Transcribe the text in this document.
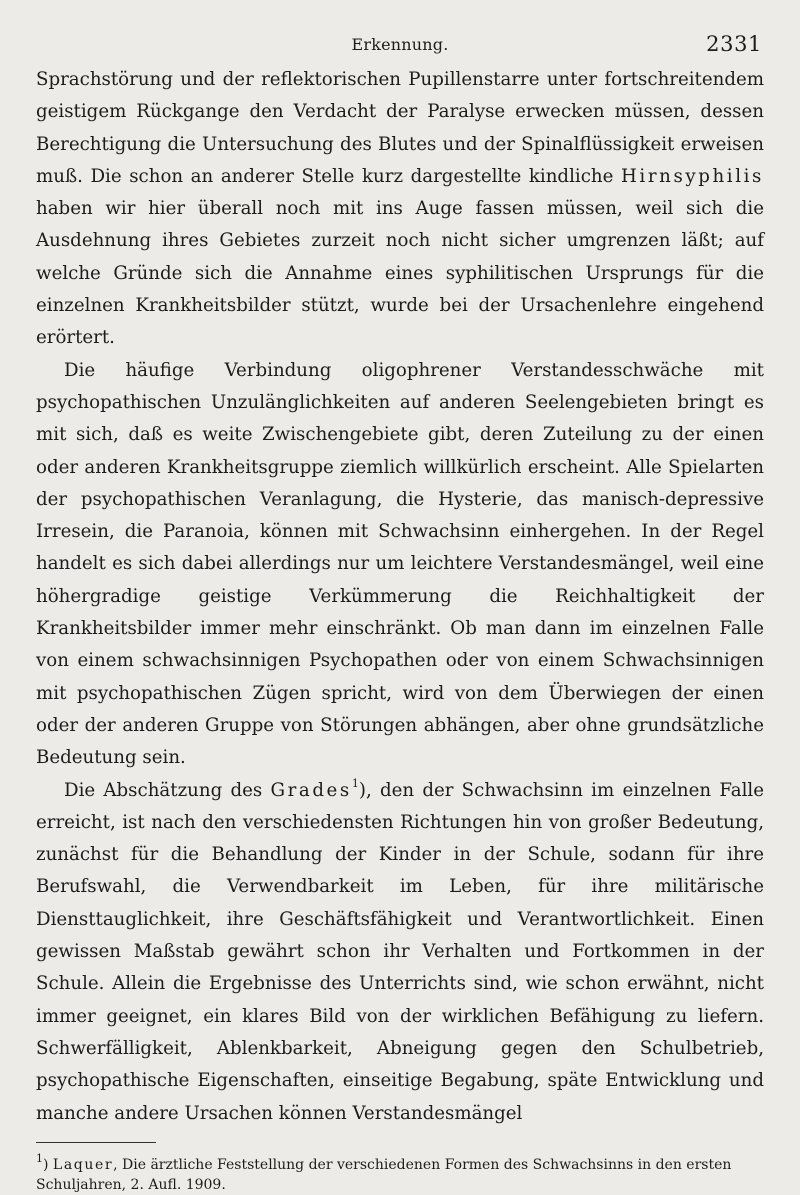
Erkennung.	2331

Sprachstörung und der reflektorischen Pupillenstarre unter fortschreitendem geistigem Rückgange den Verdacht der Paralyse erwecken müssen, dessen Berechtigung die Untersuchung des Blutes und der Spinalflüssigkeit erweisen muß. Die schon an anderer Stelle kurz dargestellte kindliche Hirnsyphilis haben wir hier überall noch mit ins Auge fassen müssen, weil sich die Ausdehnung ihres Gebietes zurzeit noch nicht sicher umgrenzen läßt; auf welche Gründe sich die Annahme eines syphilitischen Ursprungs für die einzelnen Krankheitsbilder stützt, wurde bei der Ursachenlehre eingehend erörtert.

Die häufige Verbindung oligophrener Verstandesschwäche mit psychopathischen Unzulänglichkeiten auf anderen Seelengebieten bringt es mit sich, daß es weite Zwischengebiete gibt, deren Zuteilung zu der einen oder anderen Krankheitsgruppe ziemlich willkürlich erscheint. Alle Spielarten der psychopathischen Veranlagung, die Hysterie, das manisch-depressive Irresein, die Paranoia, können mit Schwachsinn einhergehen. In der Regel handelt es sich dabei allerdings nur um leichtere Verstandesmängel, weil eine höhergradige geistige Verkümmerung die Reichhaltigkeit der Krankheitsbilder immer mehr einschränkt. Ob man dann im einzelnen Falle von einem schwachsinnigen Psychopathen oder von einem Schwachsinnigen mit psychopathischen Zügen spricht, wird von dem Überwiegen der einen oder der anderen Gruppe von Störungen abhängen, aber ohne grundsätzliche Bedeutung sein.

Die Abschätzung des Grades$^1$), den der Schwachsinn im einzelnen Falle erreicht, ist nach den verschiedensten Richtungen hin von großer Bedeutung, zunächst für die Behandlung der Kinder in der Schule, sodann für ihre Berufswahl, die Verwendbarkeit im Leben, für ihre militärische Diensttauglichkeit, ihre Geschäftsfähigkeit und Verantwortlichkeit. Einen gewissen Maßstab gewährt schon ihr Verhalten und Fortkommen in der Schule. Allein die Ergebnisse des Unterrichts sind, wie schon erwähnt, nicht immer geeignet, ein klares Bild von der wirklichen Befähigung zu liefern. Schwerfälligkeit, Ablenkbarkeit, Abneigung gegen den Schulbetrieb, psychopathische Eigenschaften, einseitige Begabung, späte Entwicklung und manche andere Ursachen können Verstandesmängel

$^1$) Laquer, Die ärztliche Feststellung der verschiedenen Formen des Schwachsinns in den ersten Schuljahren, 2. Aufl. 1909.
